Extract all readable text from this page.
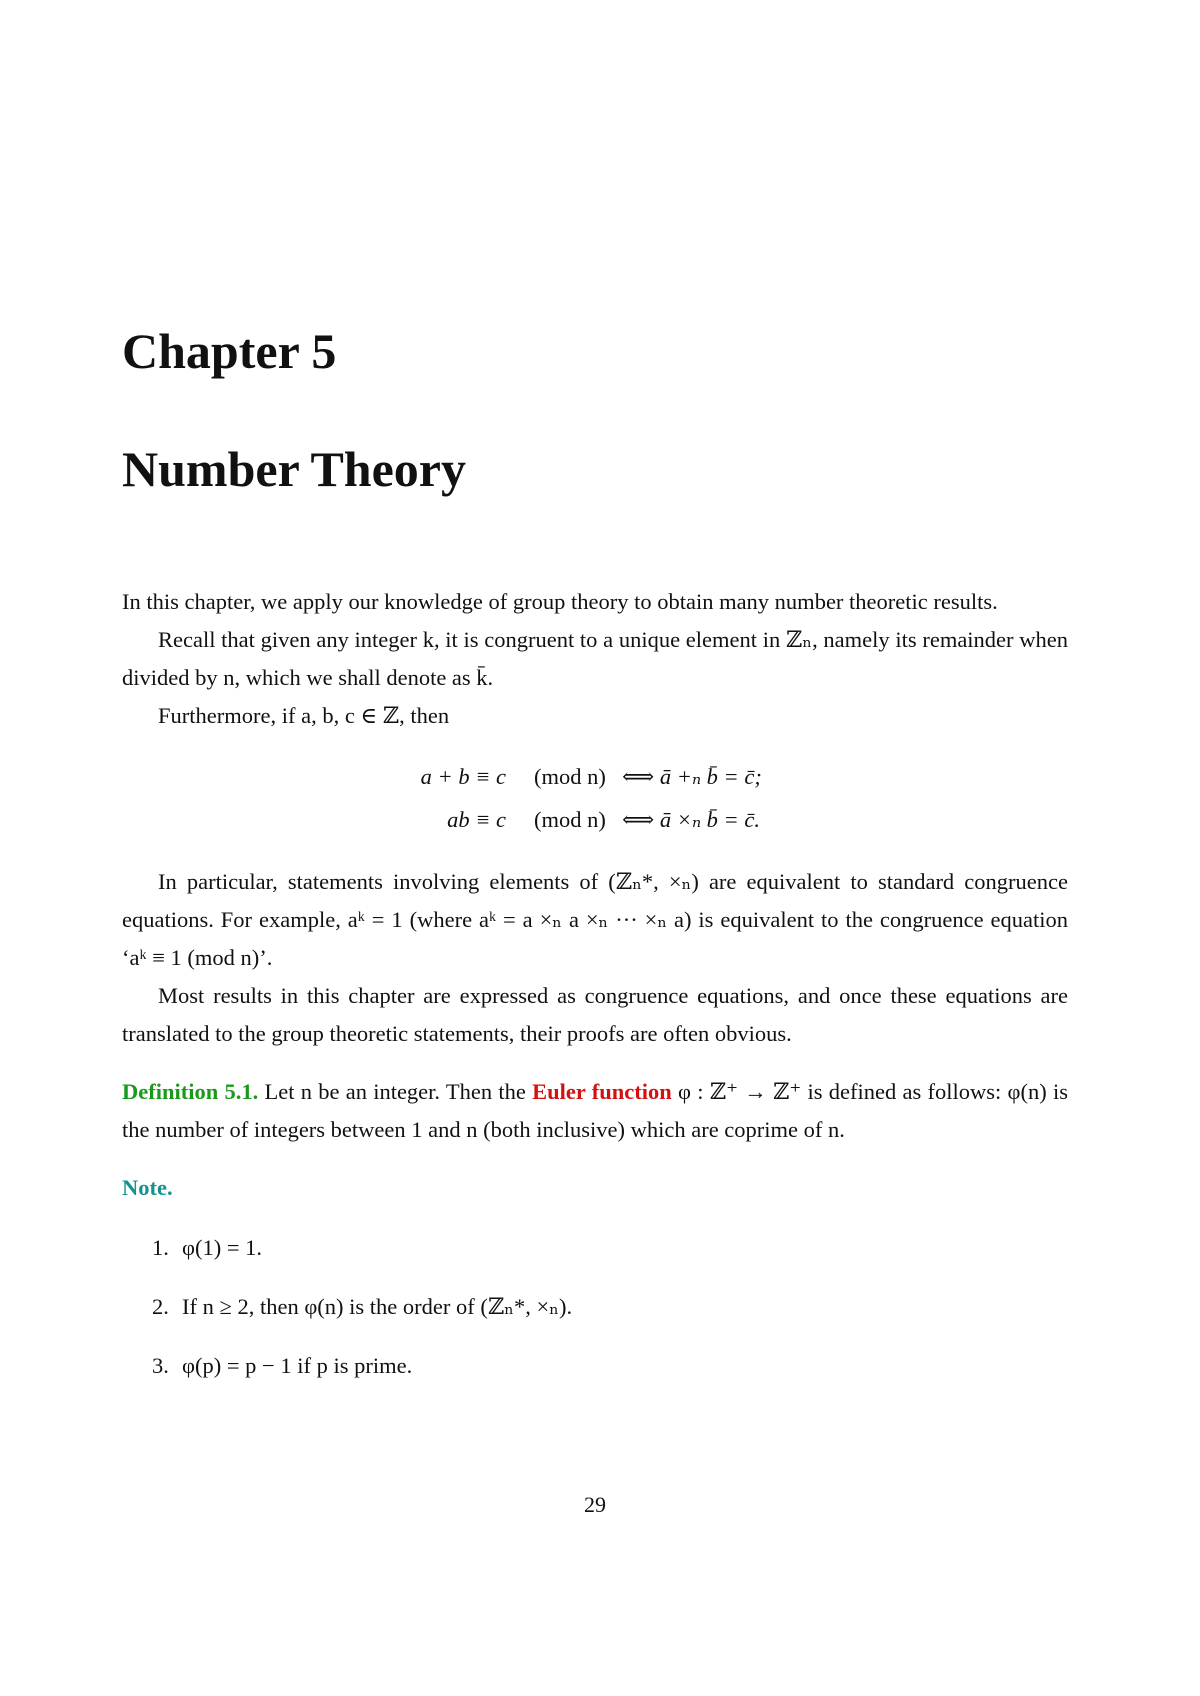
Chapter 5
Number Theory

In this chapter, we apply our knowledge of group theory to obtain many number theoretic results.

Recall that given any integer k, it is congruent to a unique element in ℤₙ, namely its remainder when divided by n, which we shall denote as k̄.

Furthermore, if a, b, c ∈ ℤ, then

a + b ≡ c	(mod n) ⟺ ā +ₙ b̄ = c̄;
ab ≡ c	(mod n) ⟺ ā ×ₙ b̄ = c̄.

In particular, statements involving elements of (ℤₙ*, ×ₙ) are equivalent to standard congruence equations. For example, aᵏ = 1 (where aᵏ = a ×ₙ a ×ₙ ··· ×ₙ a) is equivalent to the congruence equation ‘aᵏ ≡ 1 (mod n)’.

Most results in this chapter are expressed as congruence equations, and once these equations are translated to the group theoretic statements, their proofs are often obvious.

Definition 5.1. Let n be an integer. Then the Euler function φ : ℤ⁺ → ℤ⁺ is defined as follows: φ(n) is the number of integers between 1 and n (both inclusive) which are coprime of n.

Note.

1. φ(1) = 1.
2. If n ≥ 2, then φ(n) is the order of (ℤₙ*, ×ₙ).
3. φ(p) = p − 1 if p is prime.
29
